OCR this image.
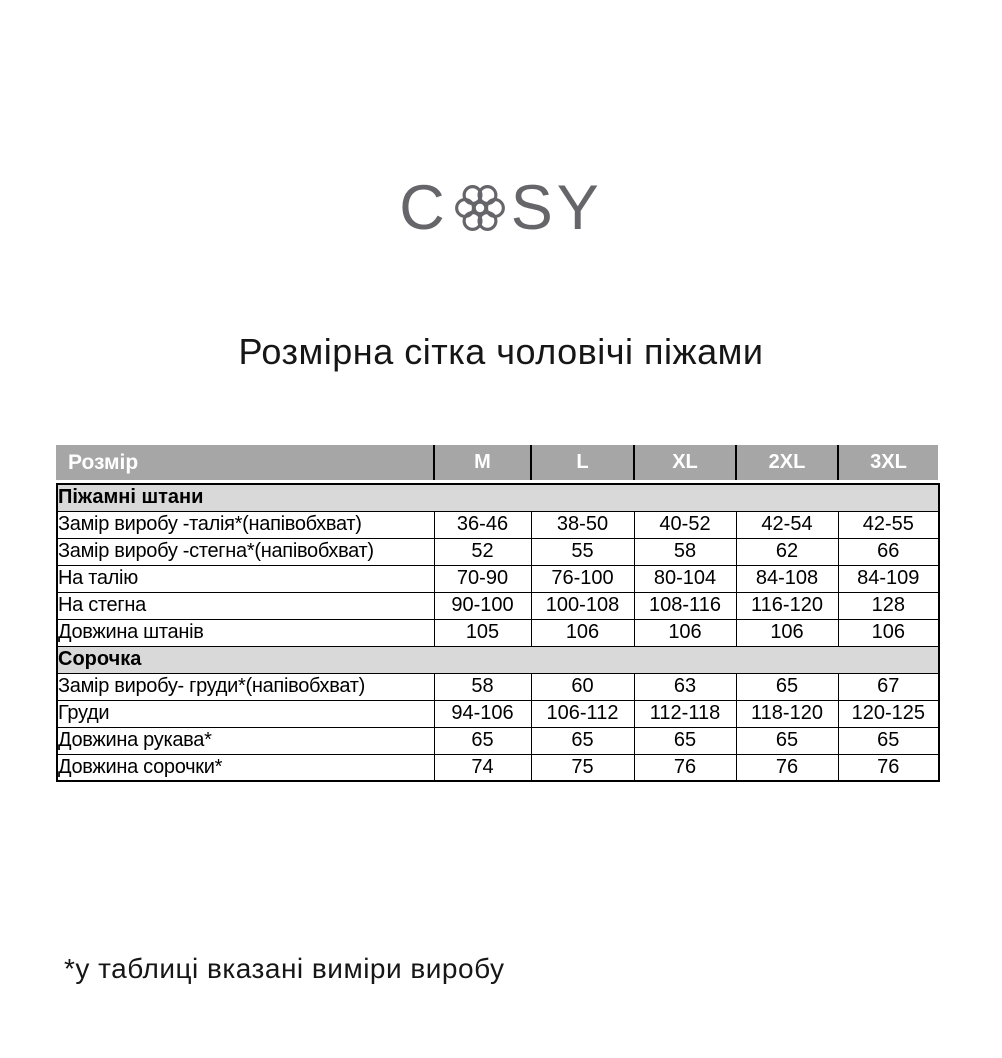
C SY
Розмірна сітка чоловічі піжами
Розмір	M	L	XL	2XL	3XL
Піжамні штани					
Замір виробу -талія*(напівобхват)	36-46	38-50	40-52	42-54	42-55
Замір виробу -стегна*(напівобхват)	52	55	58	62	66
На талію	70-90	76-100	80-104	84-108	84-109
На стегна	90-100	100-108	108-116	116-120	128
Довжина штанів	105	106	106	106	106
Сорочка					
Замір виробу- груди*(напівобхват)	58	60	63	65	67
Груди	94-106	106-112	112-118	118-120	120-125
Довжина рукава*	65	65	65	65	65
Довжина сорочки*	74	75	76	76	76
*у таблиці вказані виміри виробу
